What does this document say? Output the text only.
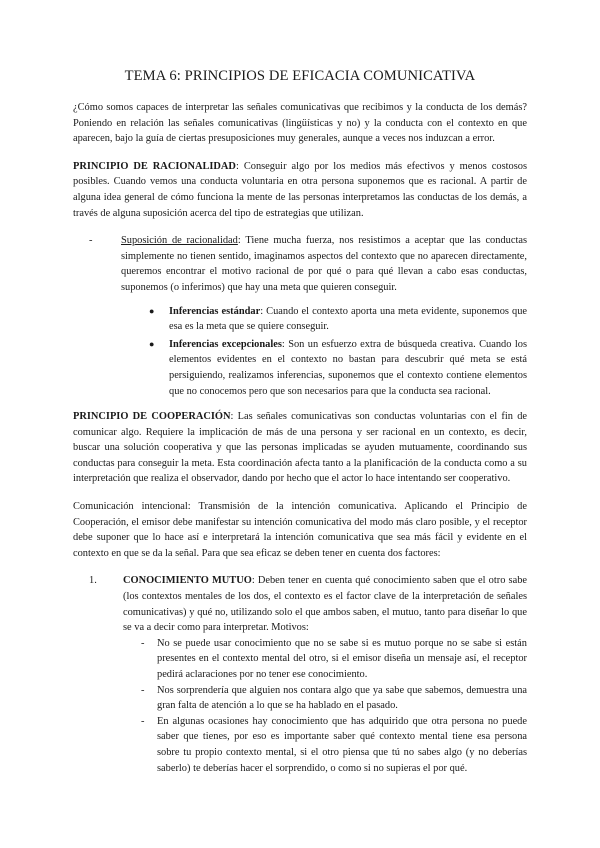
TEMA 6: PRINCIPIOS DE EFICACIA COMUNICATIVA

¿Cómo somos capaces de interpretar las señales comunicativas que recibimos y la conducta de los demás? Poniendo en relación las señales comunicativas (lingüísticas y no) y la conducta con el contexto en que aparecen, bajo la guía de ciertas presuposiciones muy generales, aunque a veces nos induzcan a error.

PRINCIPIO DE RACIONALIDAD: Conseguir algo por los medios más efectivos y menos costosos posibles. Cuando vemos una conducta voluntaria en otra persona suponemos que es racional. A partir de alguna idea general de cómo funciona la mente de las personas interpretamos las conductas de los demás, a través de alguna suposición acerca del tipo de estrategias que utilizan.

-	Suposición de racionalidad: Tiene mucha fuerza, nos resistimos a aceptar que las conductas simplemente no tienen sentido, imaginamos aspectos del contexto que no aparecen directamente, queremos encontrar el motivo racional de por qué o para qué llevan a cabo esas conductas, suponemos (o inferimos) que hay una meta que quieren conseguir.
● Inferencias estándar: Cuando el contexto aporta una meta evidente, suponemos que esa es la meta que se quiere conseguir.
● Inferencias excepcionales: Son un esfuerzo extra de búsqueda creativa. Cuando los elementos evidentes en el contexto no bastan para descubrir qué meta se está persiguiendo, realizamos inferencias, suponemos que el contexto contiene elementos que no conocemos pero que son necesarios para que la conducta sea racional.

PRINCIPIO DE COOPERACIÓN: Las señales comunicativas son conductas voluntarias con el fin de comunicar algo. Requiere la implicación de más de una persona y ser racional en un contexto, es decir, buscar una solución cooperativa y que las personas implicadas se ayuden mutuamente, coordinando sus conductas para conseguir la meta. Esta coordinación afecta tanto a la planificación de la conducta como a su interpretación que realiza el observador, dando por hecho que el actor lo hace intentando ser cooperativo.

Comunicación intencional: Transmisión de la intención comunicativa. Aplicando el Principio de Cooperación, el emisor debe manifestar su intención comunicativa del modo más claro posible, y el receptor debe suponer que lo hace así e interpretará la intención comunicativa que sea más fácil y evidente en el contexto en que se da la señal. Para que sea eficaz se deben tener en cuenta dos factores:

1.	CONOCIMIENTO MUTUO: Deben tener en cuenta qué conocimiento saben que el otro sabe (los contextos mentales de los dos, el contexto es el factor clave de la interpretación de señales comunicativas) y qué no, utilizando solo el que ambos saben, el mutuo, tanto para diseñar lo que se va a decir como para interpretar. Motivos:
- No se puede usar conocimiento que no se sabe si es mutuo porque no se sabe si están presentes en el contexto mental del otro, si el emisor diseña un mensaje así, el receptor pedirá aclaraciones por no tener ese conocimiento.
- Nos sorprendería que alguien nos contara algo que ya sabe que sabemos, demuestra una gran falta de atención a lo que se ha hablado en el pasado.
- En algunas ocasiones hay conocimiento que has adquirido que otra persona no puede saber que tienes, por eso es importante saber qué contexto mental tiene esa persona sobre tu propio contexto mental, si el otro piensa que tú no sabes algo (y no deberías saberlo) te deberías hacer el sorprendido, o como si no supieras el por qué.
